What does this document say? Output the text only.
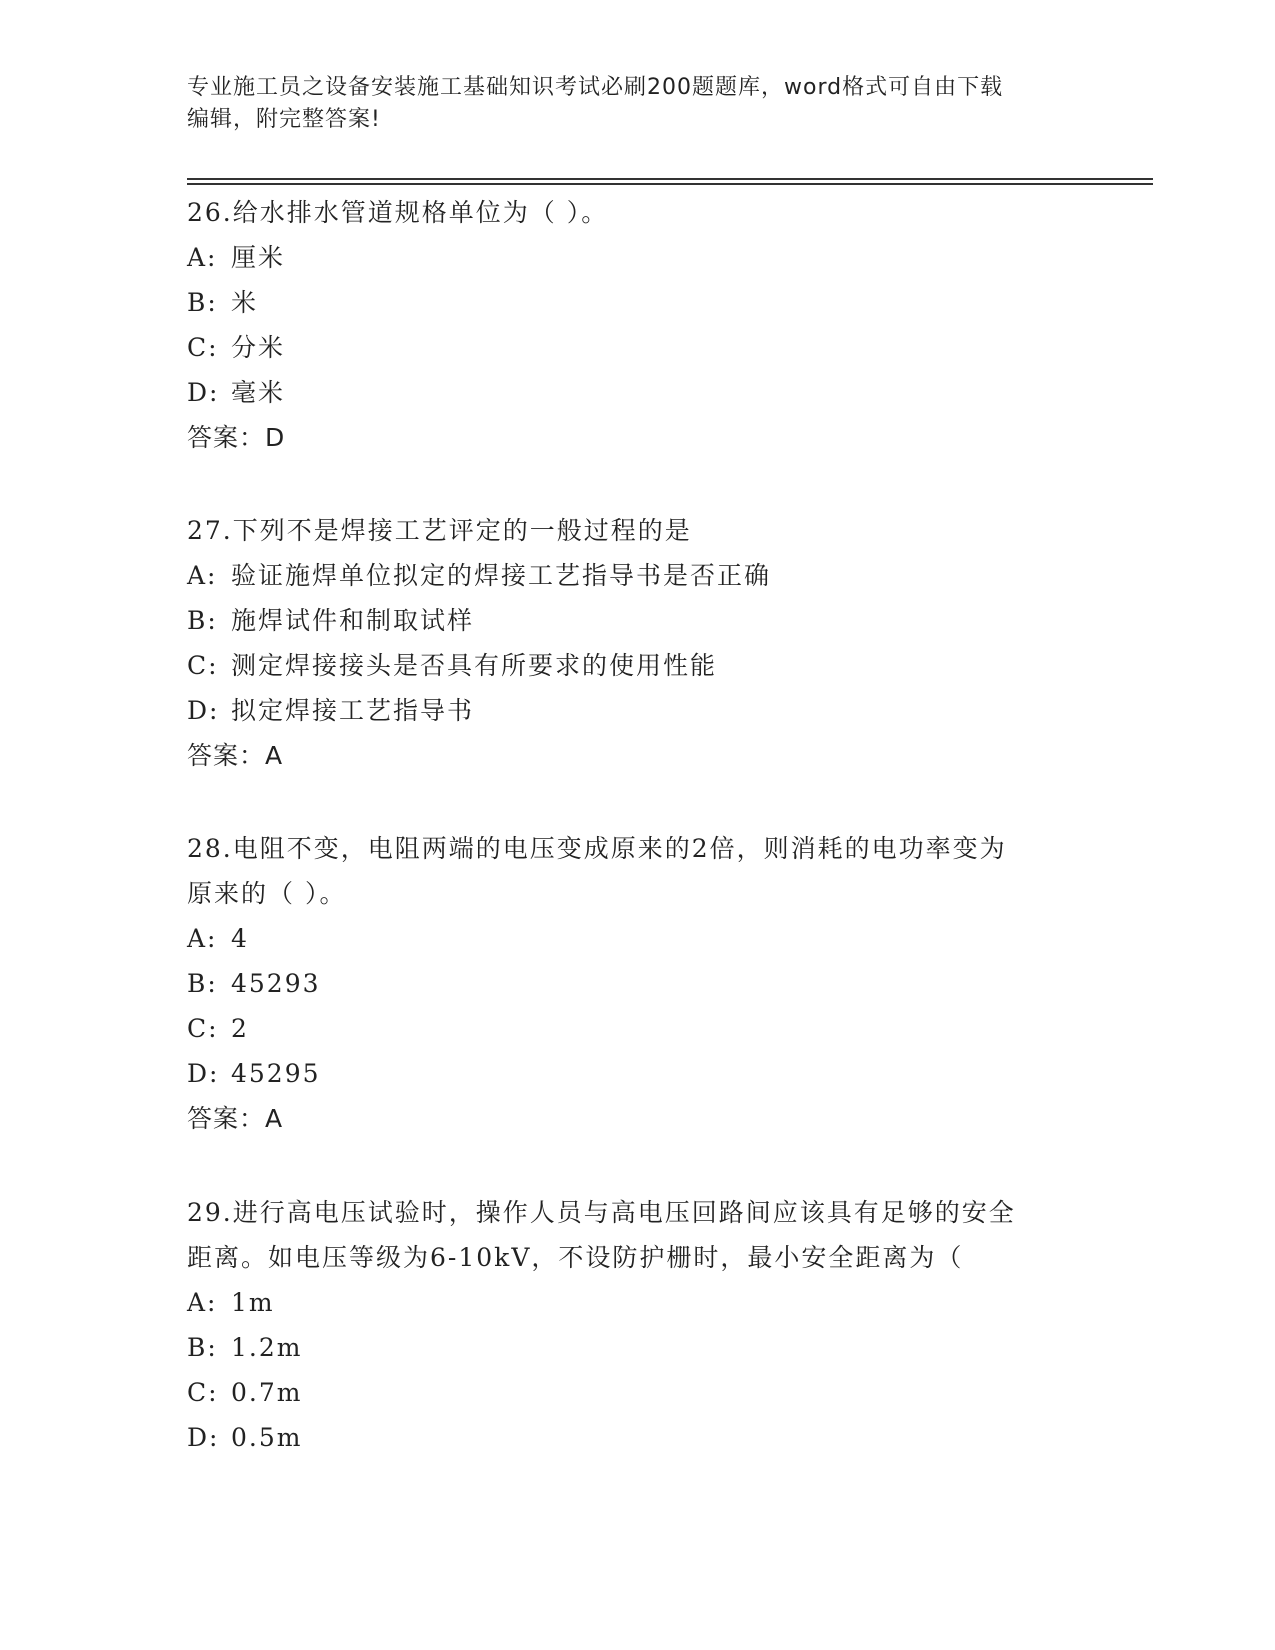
专业施工员之设备安装施工基础知识考试必刷200题题库，word格式可自由下载
编辑，附完整答案!

26.给水排水管道规格单位为（ ）。

A: 厘米

B: 米

C: 分米

D: 毫米

答案：D

27.下列不是焊接工艺评定的一般过程的是

A: 验证施焊单位拟定的焊接工艺指导书是否正确

B: 施焊试件和制取试样

C: 测定焊接接头是否具有所要求的使用性能

D: 拟定焊接工艺指导书

答案：A

28.电阻不变，电阻两端的电压变成原来的2倍，则消耗的电功率变为

原来的（ ）。

A: 4

B: 45293

C: 2

D: 45295

答案：A

29.进行高电压试验时，操作人员与高电压回路间应该具有足够的安全

距离。如电压等级为6-10kV，不设防护栅时，最小安全距离为（

A: 1m

B: 1.2m

C: 0.7m

D: 0.5m
